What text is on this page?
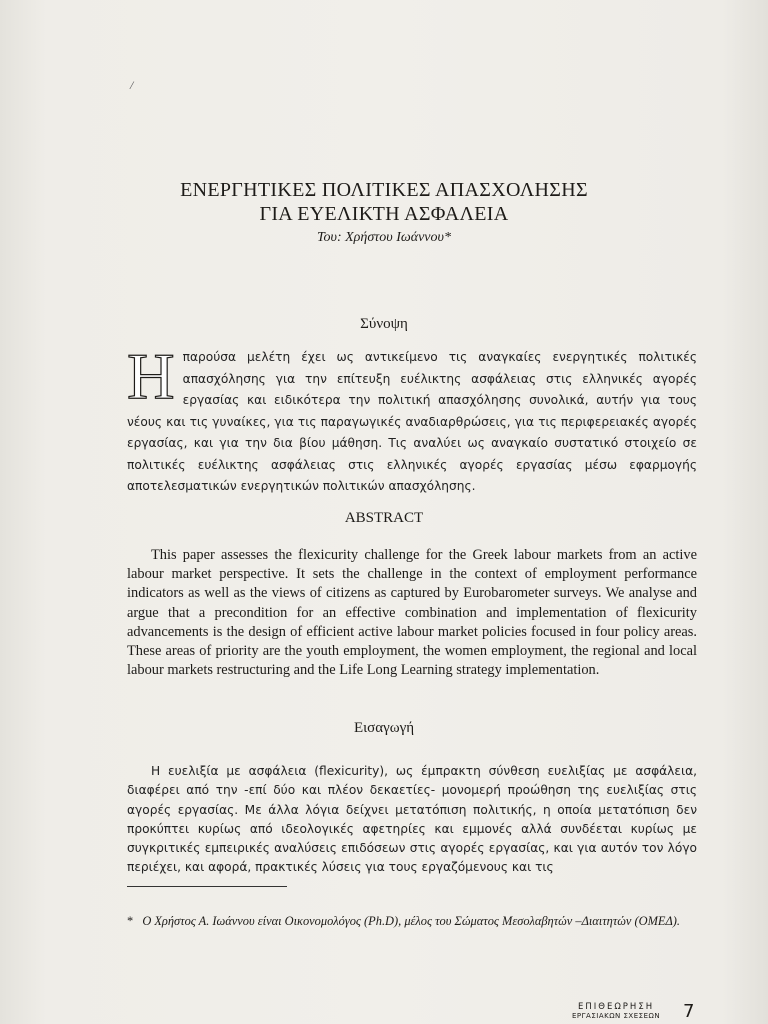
/
ΕΝΕΡΓΗΤΙΚΕΣ ΠΟΛΙΤΙΚΕΣ ΑΠΑΣΧΟΛΗΣΗΣ
ΓΙΑ ΕΥΕΛΙΚΤΗ ΑΣΦΑΛΕΙΑ
Του: Χρήστου Ιωάννου*
Σύνοψη
Η παρούσα μελέτη έχει ως αντικείμενο τις αναγκαίες ενεργητικές πολιτικές απασχόλησης για την επίτευξη ευέλικτης ασφάλειας στις ελληνικές αγορές εργασίας και ειδικότερα την πολιτική απασχόλησης συνολικά, αυτήν για τους νέους και τις γυναίκες, για τις παραγωγικές αναδιαρθρώσεις, για τις περιφερειακές αγορές εργασίας, και για την δια βίου μάθηση. Τις αναλύει ως αναγκαίο συστατικό στοιχείο σε πολιτικές ευέλικτης ασφάλειας στις ελληνικές αγορές εργασίας μέσω εφαρμογής αποτελεσματικών ενεργητικών πολιτικών απασχόλησης.
ABSTRACT
This paper assesses the flexicurity challenge for the Greek labour markets from an active labour market perspective. It sets the challenge in the context of employment performance indicators as well as the views of citizens as captured by Eurobarometer surveys. We analyse and argue that a precondition for an effective combination and implementation of flexicurity advancements is the design of efficient active labour market policies focused in four policy areas. These areas of priority are the youth employment, the women employment, the regional and local labour markets restructuring and the Life Long Learning strategy implementation.
Εισαγωγή
Η ευελιξία με ασφάλεια (flexicurity), ως έμπρακτη σύνθεση ευελιξίας με ασφάλεια, διαφέρει από την -επί δύο και πλέον δεκαετίες- μονομερή προώθηση της ευελιξίας στις αγορές εργασίας. Με άλλα λόγια δείχνει μετατόπιση πολιτικής, η οποία μετατόπιση δεν προκύπτει κυρίως από ιδεολογικές αφετηρίες και εμμονές αλλά συνδέεται κυρίως με συγκριτικές εμπειρικές αναλύσεις επιδόσεων στις αγορές εργασίας, και για αυτόν τον λόγο περιέχει, και αφορά, πρακτικές λύσεις για τους εργαζόμενους και τις
* Ο Χρήστος Α. Ιωάννου είναι Οικονομολόγος (Ph.D), μέλος του Σώματος Μεσολαβητών –Διαιτητών (ΟΜΕΔ).
ΕΠΙΘΕΩΡΗΣΗ
ΕΡΓΑΣΙΑΚΩΝ ΣΧΕΣΕΩΝ 7
